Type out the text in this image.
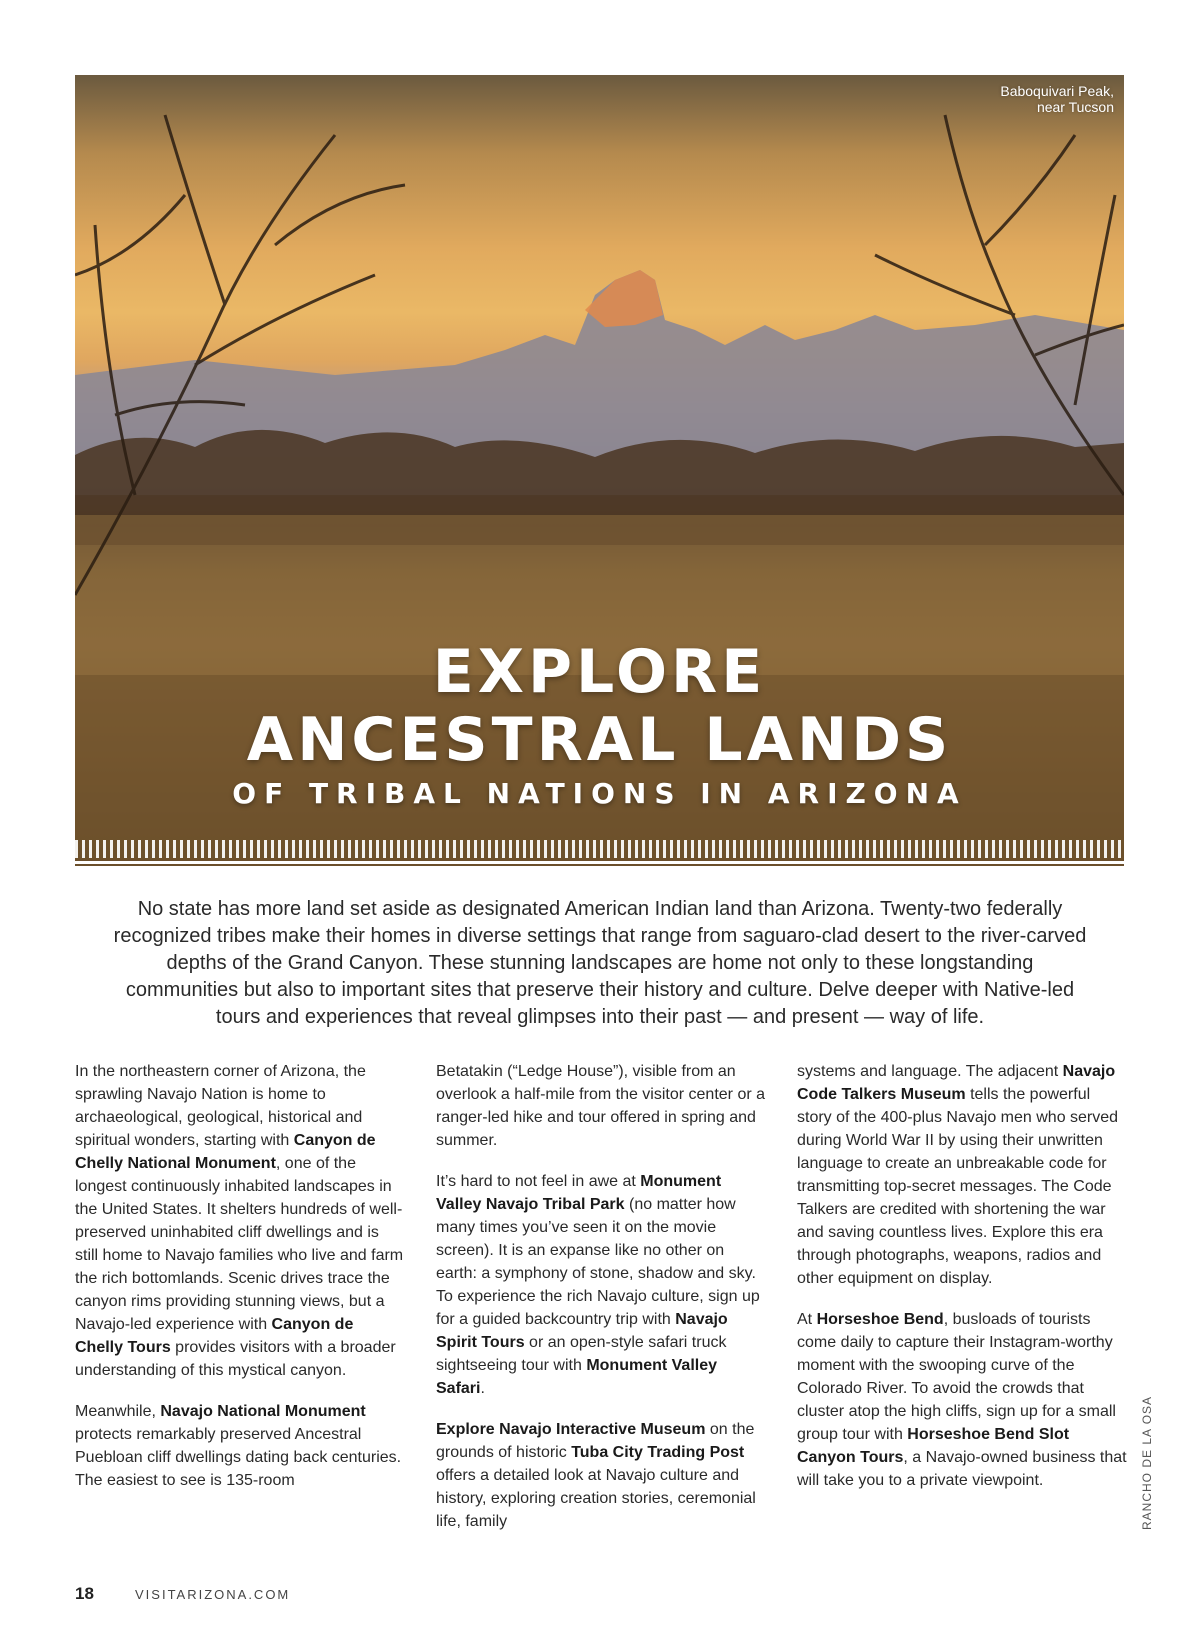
Baboquivari Peak,
near Tucson
EXPLORE
ANCESTRAL LANDS
OF TRIBAL NATIONS IN ARIZONA
No state has more land set aside as designated American Indian land than Arizona. Twenty-two federally recognized tribes make their homes in diverse settings that range from saguaro-clad desert to the river-carved depths of the Grand Canyon. These stunning landscapes are home not only to these longstanding communities but also to important sites that preserve their history and culture. Delve deeper with Native-led tours and experiences that reveal glimpses into their past — and present — way of life.

In the northeastern corner of Arizona, the sprawling Navajo Nation is home to archaeological, geological, historical and spiritual wonders, starting with Canyon de Chelly National Monument, one of the longest continuously inhabited landscapes in the United States. It shelters hundreds of well-preserved uninhabited cliff dwellings and is still home to Navajo families who live and farm the rich bottomlands. Scenic drives trace the canyon rims providing stunning views, but a Navajo-led experience with Canyon de Chelly Tours provides visitors with a broader understanding of this mystical canyon.

Meanwhile, Navajo National Monument protects remarkably preserved Ancestral Puebloan cliff dwellings dating back centuries. The easiest to see is 135-room

Betatakin (“Ledge House”), visible from an overlook a half-mile from the visitor center or a ranger-led hike and tour offered in spring and summer.

It’s hard to not feel in awe at Monument Valley Navajo Tribal Park (no matter how many times you’ve seen it on the movie screen). It is an expanse like no other on earth: a symphony of stone, shadow and sky. To experience the rich Navajo culture, sign up for a guided backcountry trip with Navajo Spirit Tours or an open-style safari truck sightseeing tour with Monument Valley Safari.

Explore Navajo Interactive Museum on the grounds of historic Tuba City Trading Post offers a detailed look at Navajo culture and history, exploring creation stories, ceremonial life, family

systems and language. The adjacent Navajo Code Talkers Museum tells the powerful story of the 400-plus Navajo men who served during World War II by using their unwritten language to create an unbreakable code for transmitting top-secret messages. The Code Talkers are credited with shortening the war and saving countless lives. Explore this era through photographs, weapons, radios and other equipment on display.

At Horseshoe Bend, busloads of tourists come daily to capture their Instagram-worthy moment with the swooping curve of the Colorado River. To avoid the crowds that cluster atop the high cliffs, sign up for a small group tour with Horseshoe Bend Slot Canyon Tours, a Navajo-owned business that will take you to a private viewpoint.	RANCHO DE LA OSA
18	VISITARIZONA.COM
